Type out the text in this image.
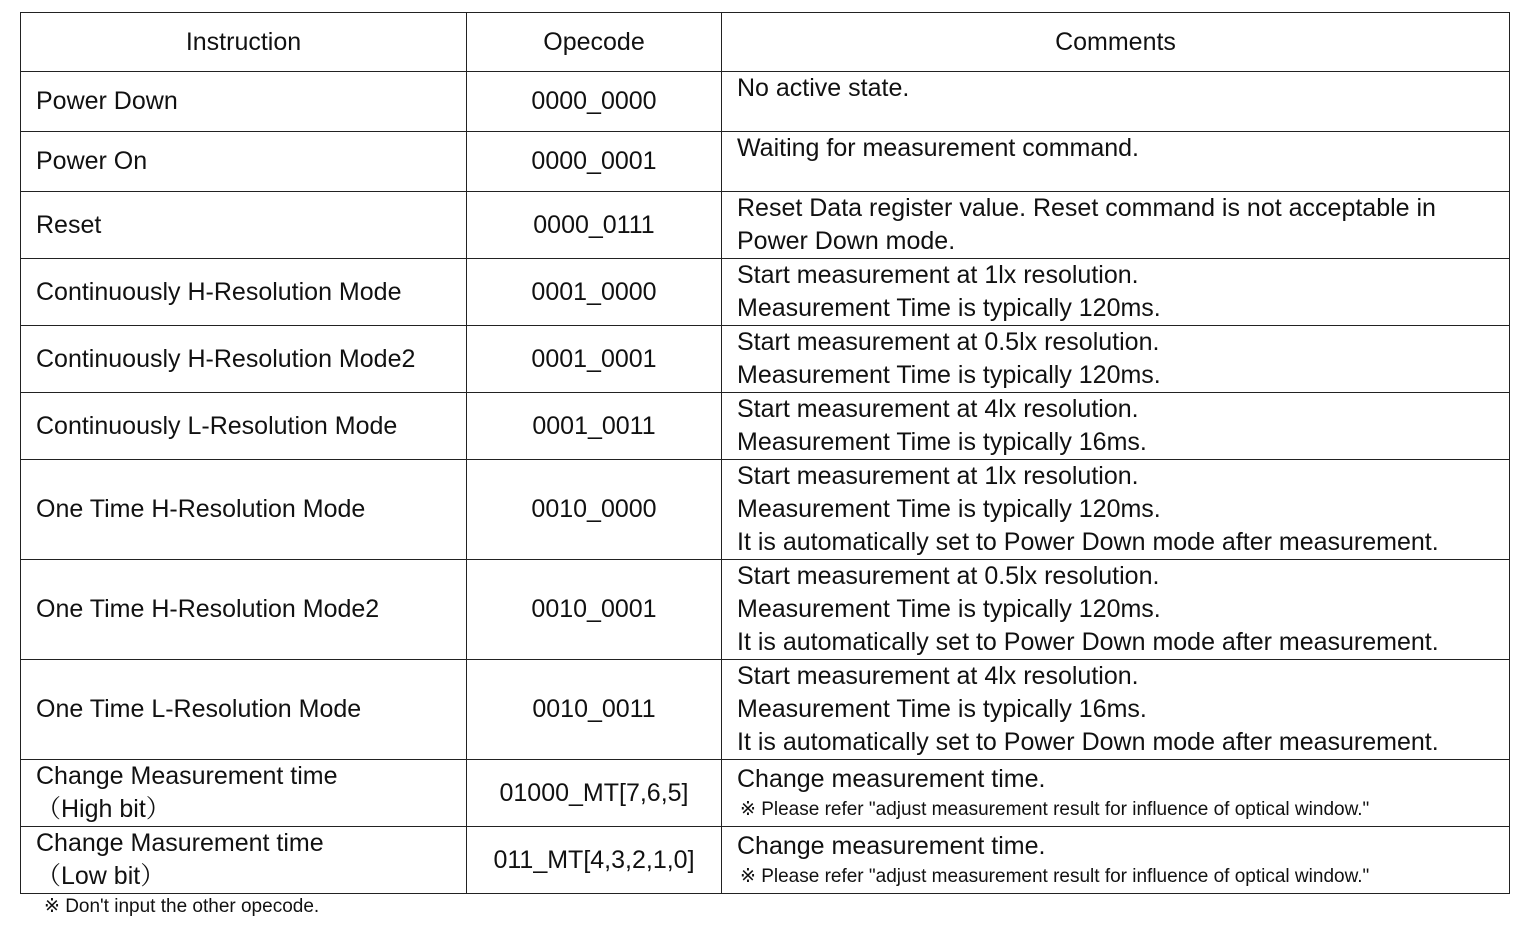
Instruction	Opecode	Comments

Power Down	0000_0000	No active state.

Power On	0000_0001	Waiting for measurement command.

Reset	0000_0111	Reset Data register value. Reset command is not acceptable in
Power Down mode.

Continuously H-Resolution Mode	0001_0000	Start measurement at 1lx resolution.
Measurement Time is typically 120ms.

Continuously H-Resolution Mode2	0001_0001	Start measurement at 0.5lx resolution.
Measurement Time is typically 120ms.

Continuously L-Resolution Mode	0001_0011	Start measurement at 4lx resolution.
Measurement Time is typically 16ms.

One Time H-Resolution Mode	0010_0000	Start measurement at 1lx resolution.
Measurement Time is typically 120ms.
It is automatically set to Power Down mode after measurement.

One Time H-Resolution Mode2	0010_0001	Start measurement at 0.5lx resolution.
Measurement Time is typically 120ms.
It is automatically set to Power Down mode after measurement.

One Time L-Resolution Mode	0010_0011	Start measurement at 4lx resolution.
Measurement Time is typically 16ms.
It is automatically set to Power Down mode after measurement.

Change Measurement time
（High bit）	01000_MT[7,6,5]	Change measurement time.
※ Please refer "adjust measurement result for influence of optical window."

Change Masurement time
（Low bit）	011_MT[4,3,2,1,0]	Change measurement time.
※ Please refer "adjust measurement result for influence of optical window."
※ Don't input the other opecode.
